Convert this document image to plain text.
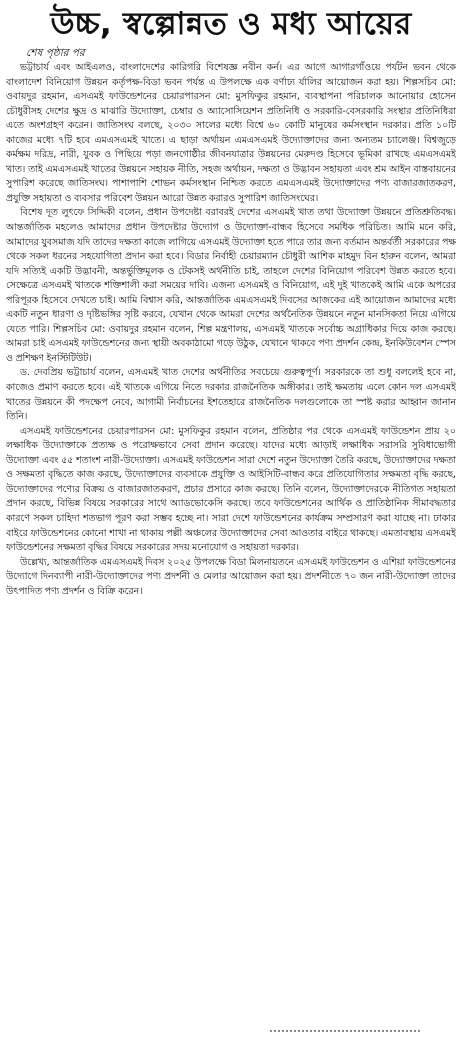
উচ্চ, স্বল্পোন্নত ও মধ্য আয়ের
শেষ পৃষ্ঠার পর

ভট্টাচার্য এবং আইএলও, বাংলাদেশের কারিগরি বিশেষজ্ঞ নবীন কর্ন। এর আগে আগারগাঁওয়ে পর্যটন ভবন থেকে বাংলাদেশ বিনিয়োগ উন্নয়ন কর্তৃপক্ষ-বিডা ভবন পর্যন্ত এ উপলক্ষে এক বর্ণাঢ্য র্যালির আয়োজন করা হয়। শিল্পসচিব মো: ওবায়দুর রহমান, এসএমই ফাউন্ডেশনের চেয়ারপারসন মো: মুসফিকুর রহমান, ব্যবস্থাপনা পরিচালক আনোয়ার হোসেন চৌধুরীসহ দেশের ক্ষুদ্র ও মাঝারি উদ্যোক্তা, চেম্বার ও অ্যাসোসিয়েশন প্রতিনিধি ও সরকারি-বেসরকারি সংস্থার প্রতিনিধিরা এতে অংশগ্রহণ করেন। জাতিসংঘ বলছে, ২০৩০ সালের মধ্যে বিশ্বে ৬০ কোটি মানুষের কর্মসংস্থান দরকার। প্রতি ১০টি কাজের মধ্যে ৭টি হবে এমএসএমই খাতে। এ ছাড়া অর্থায়ন এমএসএমই উদ্যোক্তাদের জন্য অন্যতম চ্যালেঞ্জ। বিশ্বজুড়ে কর্মক্ষম দরিদ্র, নারী, যুবক ও পিছিয়ে পড়া জনগোষ্ঠীর জীবনযাত্রার উন্নয়নের মেরুদণ্ড হিসেবে ভূমিকা রাখছে এমএসএমই খাত। তাই এমএসএমই খাতের উন্নয়নে সহায়ক নীতি, সহজ অর্থায়ন, দক্ষতা ও উদ্ভাবন সহায়তা এবং শ্রম আইন বাস্তবায়নের সুপারিশ করেছে জাতিসংঘ। পাশাপাশি শোভন কর্মসংস্থান নিশ্চিত করতে এমএসএমই উদ্যোক্তাদের পণ্য বাজারজাতকরণ, প্রযুক্তি সহায়তা ও ব্যবসার পরিবেশ উন্নয়ন আরো উন্নত করারও সুপারিশ জাতিসংঘের।

বিশেষ দূত লুৎফে সিদ্দিকী বলেন, প্রধান উপদেষ্টা বরাবরই দেশের এসএমই খাত তথা উদ্যোক্তা উন্নয়নে প্রতিশ্রুতিবদ্ধ। আন্তর্জাতিক মহলেও আমাদের প্রধান উপদেষ্টার উদ্যোগ ও উদ্যোক্তা-বান্ধব হিসেবে সমধিক পরিচিত। আমি মনে করি, আমাদের যুবসমাজ যদি তাদের দক্ষতা কাজে লাগিয়ে এসএমই উদ্যোক্তা হতে পারে তার জন্য বর্তমান অন্তর্বর্তী সরকারের পক্ষ থেকে সকল ধরনের সহযোগিতা প্রদান করা হবে। বিডার নির্বাহী চেয়ারম্যান চৌধুরী আশিক মাহমুদ বিন হারুন বলেন, আমরা যদি সত্যিই একটি উদ্ভাবনী, অন্তর্ভুক্তিমূলক ও টেকসই অর্থনীতি চাই, তাহলে দেশের বিনিয়োগ পরিবেশ উন্নত করতে হবে। সেক্ষেত্রে এসএমই খাতকে শক্তিশালী করা সময়ের দাবি। এজন্য এসএমই ও বিনিয়োগ, এই দুই খাতকেই আমি একে অপরের পরিপূরক হিসেবে দেখতে চাই। আমি বিশ্বাস করি, আন্তর্জাতিক এমএসএমই দিবসের আজকের এই আয়োজন আমাদের মধ্যে একটি নতুন ধারণা ও দৃষ্টিভঙ্গির সৃষ্টি করবে, যেখান থেকে আমরা দেশের অর্থনৈতিক উন্নয়নে নতুন মানসিকতা নিয়ে এগিয়ে যেতে পারি। শিল্পসচিব মো: ওবায়দুর রহমান বলেন, শিল্প মন্ত্রণালয়, এসএমই খাতকে সর্বোচ্চ অগ্রাধিকার দিয়ে কাজ করছে। আমরা চাই এসএমই ফাউন্ডেশনের জন্য স্থায়ী অবকাঠামো গড়ে উঠুক, যেখানে থাকবে পণ্য প্রদর্শন কেন্দ্র, ইনকিউবেশন স্পেস ও প্রশিক্ষণ ইনস্টিটিউট।

ড. দেবপ্রিয় ভট্টাচার্য বলেন, এসএমই খাত দেশের অর্থনীতির সবচেয়ে গুরুত্বপূর্ণ। সরকারকে তা শুধু বললেই হবে না, কাজেও প্রমাণ করতে হবে। এই খাতকে এগিয়ে নিতে দরকার রাজনৈতিক অঙ্গীকার। তাই ক্ষমতায় এলে কোন দল এসএমই খাতের উন্নয়নে কী পদক্ষেপ নেবে, আগামী নির্বাচনের ইশতেহারে রাজনৈতিক দলগুলোকে তা স্পষ্ট করার আহ্বান জানান তিনি।

এসএমই ফাউন্ডেশনের চেয়ারপারসন মো: মুসফিকুর রহমান বলেন, প্রতিষ্ঠার পর থেকে এসএমই ফাউন্ডেশন প্রায় ২০ লক্ষাধিক উদ্যোক্তাকে প্রত্যক্ষ ও পরোক্ষভাবে সেবা প্রদান করেছে। যাদের মধ্যে আড়াই লক্ষাধিক সরাসরি সুবিধাভোগী উদ্যোক্তা এবং ৫৫ শতাংশ নারী-উদ্যোক্তা। এসএমই ফাউন্ডেশন সারা দেশে নতুন উদ্যোক্তা তৈরি করছে, উদ্যোক্তাদের দক্ষতা ও সক্ষমতা বৃদ্ধিতে কাজ করছে, উদ্যোক্তাদের ব্যবসাকে প্রযুক্তি ও আইসিটি-বান্ধব করে প্রতিযোগিতার সক্ষমতা বৃদ্ধি করছে, উদ্যোক্তাদের পণ্যের বিক্রয় ও বাজারজাতকরণ, প্রচার প্রসারে কাজ করছে। তিনি বলেন, উদ্যোক্তাদেরকে নীতিগত সহায়তা প্রদান করছে, বিভিন্ন বিষয়ে সরকারের সাথে অ্যাডভোকেসি করছে। তবে ফাউন্ডেশনের আর্থিক ও প্রাতিষ্ঠানিক সীমাবদ্ধতার কারণে সকল চাহিদা শতভাগ পূরণ করা সম্ভব হচ্ছে না। সারা দেশে ফাউন্ডেশনের কার্যক্রম সম্প্রসারণ করা যাচ্ছে না। ঢাকার বাইরে ফাউন্ডেশনের কোনো শাখা না থাকায় পল্লী অঞ্চলের উদ্যোক্তাদের সেবা আওতার বাইরে থাকছে। এমতাবস্থায় এসএমই ফাউন্ডেশনের সক্ষমতা বৃদ্ধির বিষয়ে সরকারের সদয় মনোযোগ ও সহায়তা দরকার।

উল্লেখ্য, আন্তর্জাতিক এমএসএমই দিবস ২০২৫ উপলক্ষে বিডা মিলনায়তনে এসএমই ফাউন্ডেশন ও এশিয়া ফাউন্ডেশনের উদ্যোগে দিনব্যাপী নারী-উদ্যোক্তাদের পণ্য প্রদর্শনী ও মেলার আয়োজন করা হয়। প্রদর্শনীতে ৭০ জন নারী-উদ্যোক্তা তাদের উৎপাদিত পণ্য প্রদর্শন ও বিক্রি করেন।
